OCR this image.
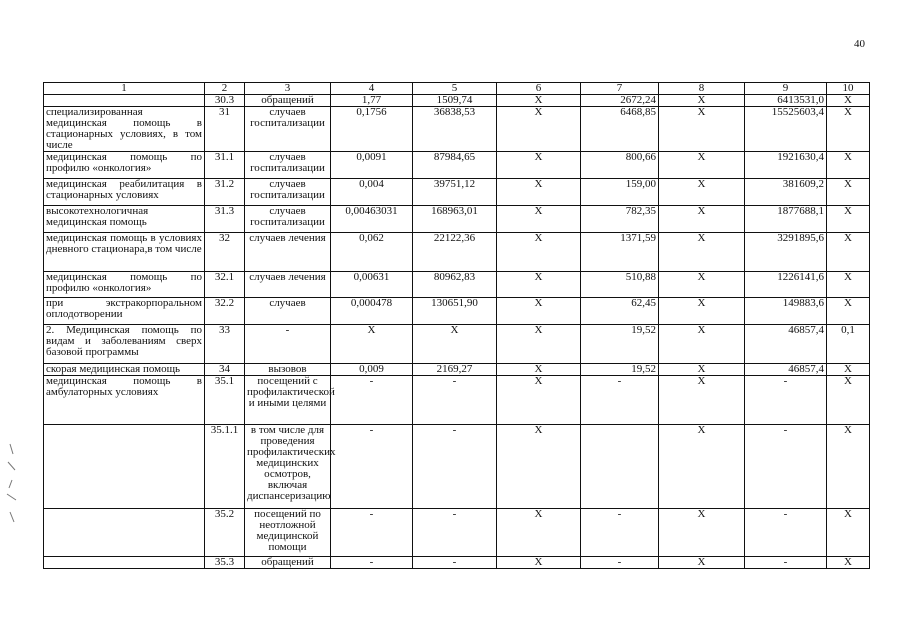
40
1	2	3	4	5	6	7	8	9	10
	30.3	обращений	1,77	1509,74	X	2672,24	X	6413531,0	X
специализированная медицинская помощь в стационарных условиях, в том числе	31	случаев госпитализации	0,1756	36838,53	X	6468,85	X	15525603,4	X
медицинская помощь по профилю «онкология»	31.1	случаев госпитализации	0,0091	87984,65	X	800,66	X	1921630,4	X
медицинская реабилитация в стационарных условиях	31.2	случаев госпитализации	0,004	39751,12	X	159,00	X	381609,2	X
высокотехнологичная медицинская помощь	31.3	случаев госпитализации	0,00463031	168963,01	X	782,35	X	1877688,1	X
медицинская помощь в условиях дневного стационара,в том числе	32	случаев лечения	0,062	22122,36	X	1371,59	X	3291895,6	X
медицинская помощь по профилю «онкология»	32.1	случаев лечения	0,00631	80962,83	X	510,88	X	1226141,6	X
при экстракорпоральном оплодотворении	32.2	случаев	0,000478	130651,90	X	62,45	X	149883,6	X
2. Медицинская помощь по видам и заболеваниям сверх базовой программы	33	-	X	X	X	19,52	X	46857,4	0,1
скорая медицинская помощь	34	вызовов	0,009	2169,27	X	19,52	X	46857,4	X
медицинская помощь в амбулаторных условиях	35.1	посещений с профилактической и иными целями	-	-	X	-	X	-	X
	35.1.1	в том числе для проведения профилактических медицинских осмотров, включая диспансеризацию	-	-	X		X	-	X
	35.2	посещений по неотложной медицинской помощи	-	-	X	-	X	-	X
	35.3	обращений	-	-	X	-	X	-	X
